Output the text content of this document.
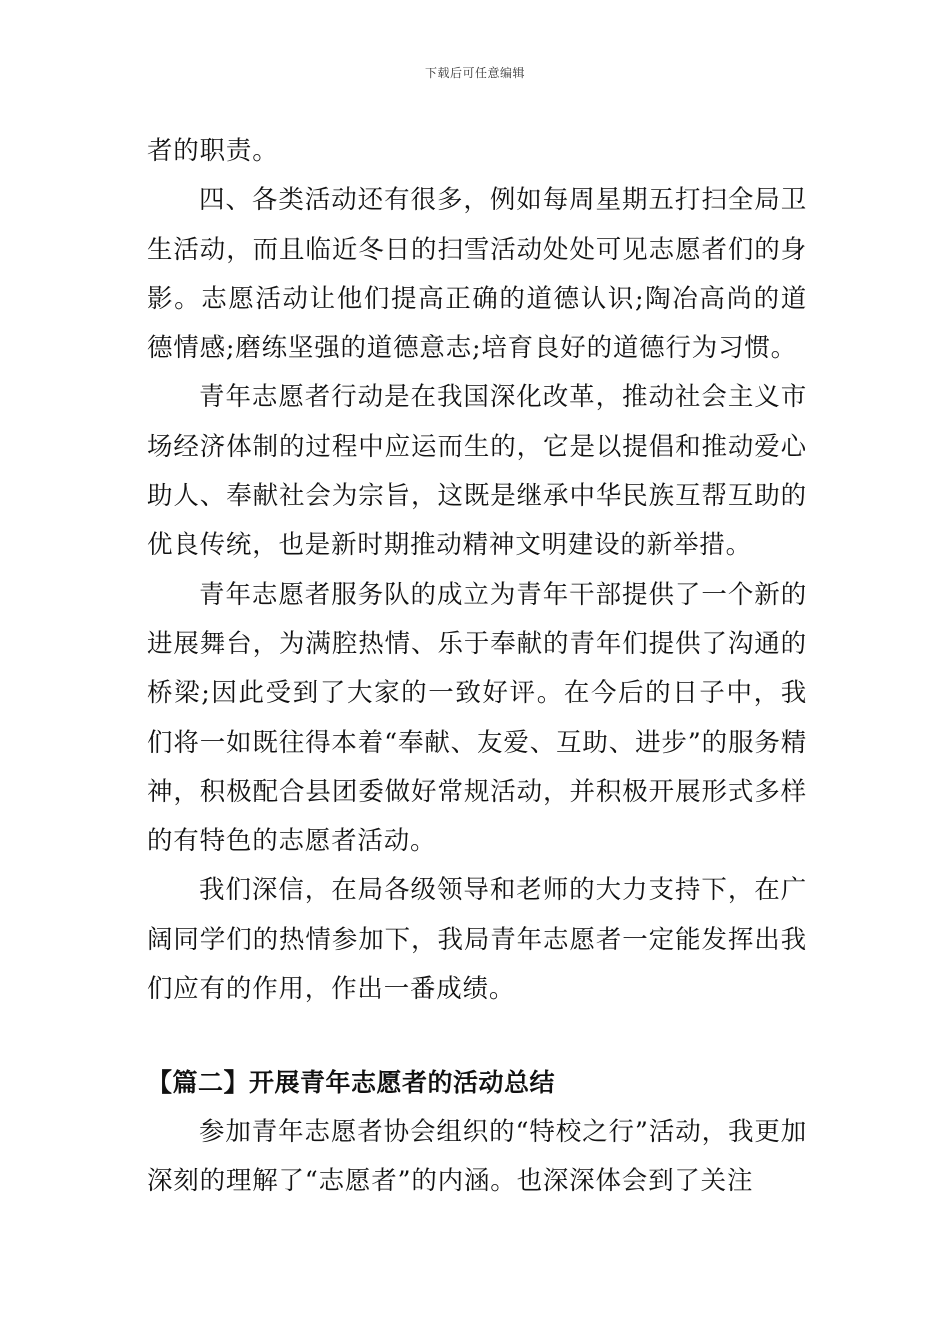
下载后可任意编辑

者的职责。

四、各类活动还有很多，例如每周星期五打扫全局卫生活动，而且临近冬日的扫雪活动处处可见志愿者们的身影。志愿活动让他们提高正确的道德认识;陶冶高尚的道德情感;磨练坚强的道德意志;培育良好的道德行为习惯。

青年志愿者行动是在我国深化改革，推动社会主义市场经济体制的过程中应运而生的，它是以提倡和推动爱心助人、奉献社会为宗旨，这既是继承中华民族互帮互助的优良传统，也是新时期推动精神文明建设的新举措。

青年志愿者服务队的成立为青年干部提供了一个新的进展舞台，为满腔热情、乐于奉献的青年们提供了沟通的桥梁;因此受到了大家的一致好评。在今后的日子中，我们将一如既往得本着“奉献、友爱、互助、进步”的服务精神，积极配合县团委做好常规活动，并积极开展形式多样的有特色的志愿者活动。

我们深信，在局各级领导和老师的大力支持下，在广阔同学们的热情参加下，我局青年志愿者一定能发挥出我们应有的作用，作出一番成绩。

【篇二】开展青年志愿者的活动总结

参加青年志愿者协会组织的“特校之行”活动，我更加深刻的理解了“志愿者”的内涵。也深深体会到了关注
